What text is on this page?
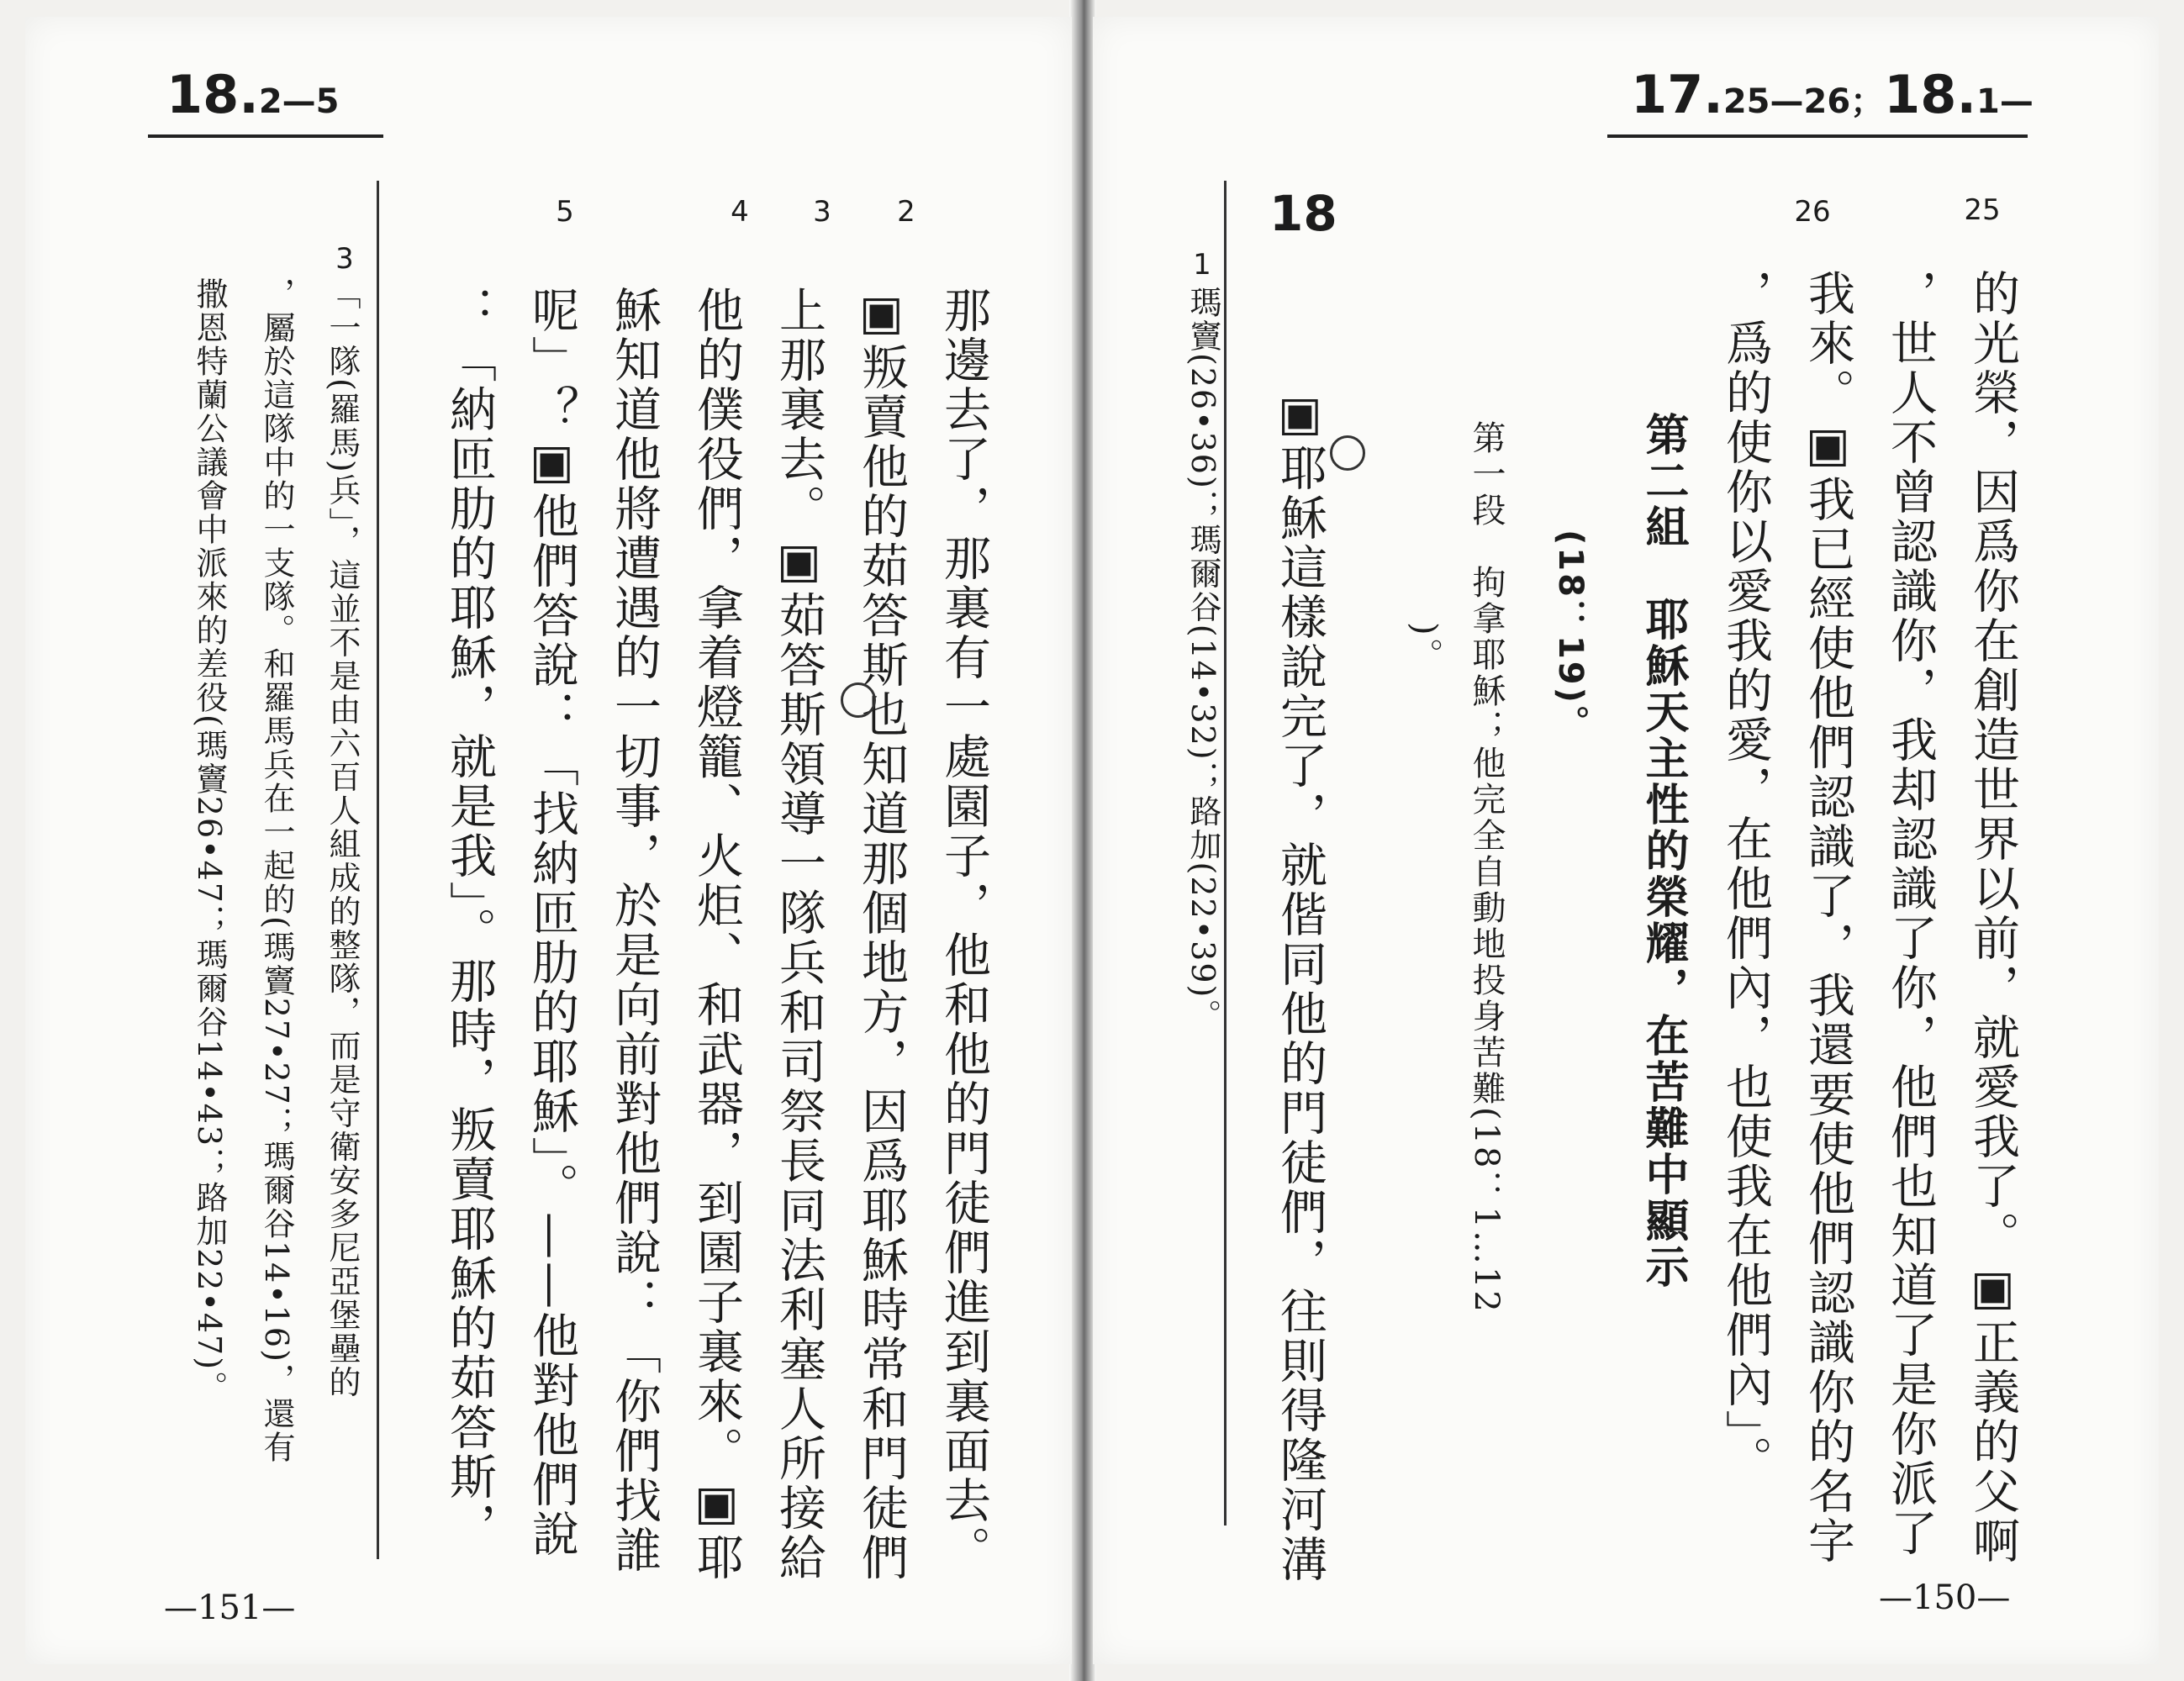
18.2—5
2
3
4
5
那邊去了，那裏有一處園子，他和他的門徒們進到裏面去。
▣叛賣他的茹答斯也知道那個地方，因爲耶穌時常和門徒們
上那裏去。▣茹答斯領導一隊兵和司祭長同法利塞人所接給
他的僕役們，拿着燈籠、火炬、和武器，到園子裏來。▣耶
穌知道他將遭遇的一切事，於是向前對他們說：「你們找誰
呢」？▣他們答說：「找納匝肋的耶穌」。——他對他們說
：「納匝肋的耶穌，就是我」。那時，叛賣耶穌的茹答斯，
3
「一隊(羅馬)兵」，這並不是由六百人組成的整隊，而是守衛安多尼亞堡壘的
，屬於這隊中的一支隊。和羅馬兵在一起的(瑪竇27•27；瑪爾谷14•16)，還有
撒恩特蘭公議會中派來的差役(瑪竇26•47；瑪爾谷14•43；路加22•47)。
—151—
17.25—26；18.1—
25
26
的光榮，因爲你在創造世界以前，就愛我了。▣正義的父啊
，世人不曾認識你，我却認識了你，他們也知道了是你派了
我來。▣我已經使他們認識了，我還要使他們認識你的名字
，爲的使你以愛我的愛，在他們內，也使我在他們內」。
第二組　耶穌天主性的榮耀，在苦難中顯示
(18：19)。
第一段　拘拿耶穌；他完全自動地投身苦難(18：1…12
)。
18
▣耶穌這樣說完了，就偕同他的門徒們，往則得隆河溝
1
瑪竇(26•36)；瑪爾谷(14•32)；路加(22•39)。
—150—
